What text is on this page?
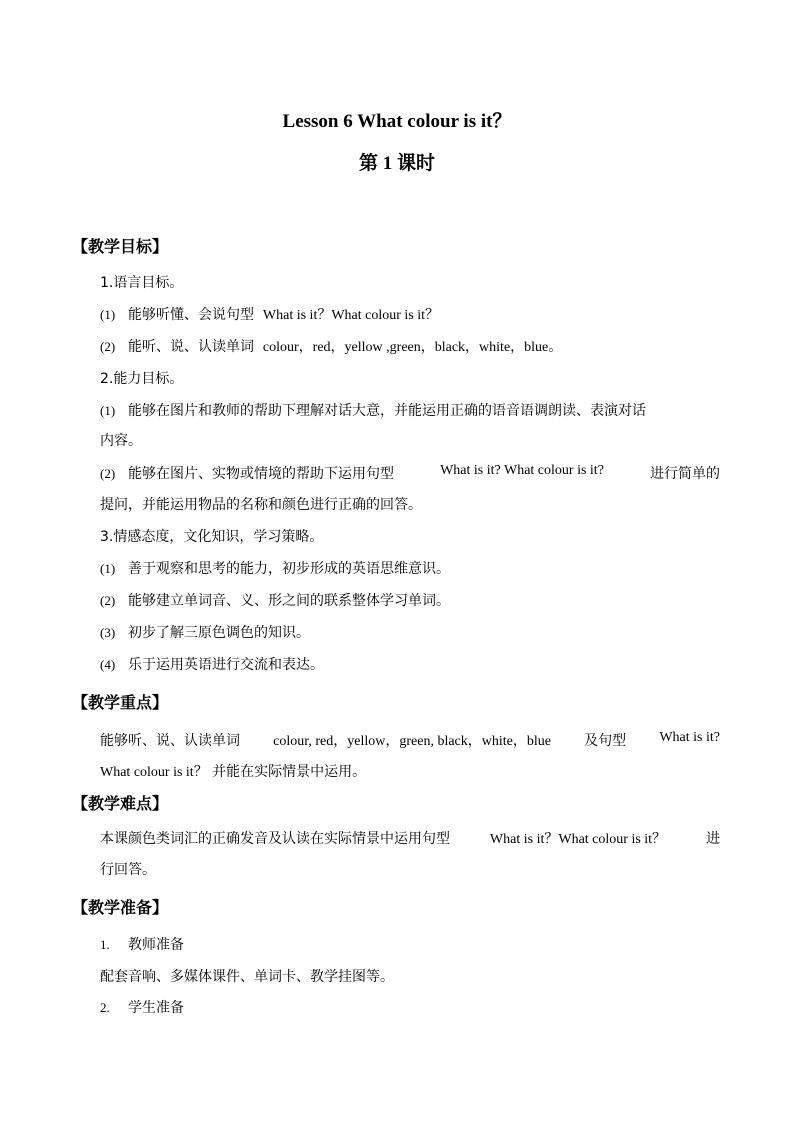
Lesson 6 What colour is it？
第 1 课时
【教学目标】
1.语言目标。
(1) 能够听懂、会说句型 What is it？What colour is it？
(2) 能听、说、认读单词 colour，red，yellow ,green，black，white，blue。
2.能力目标。
(1) 能够在图片和教师的帮助下理解对话大意，并能运用正确的语音语调朗读、表演对话
内容。
(2) 能够在图片、实物或情境的帮助下运用句型	What is it? What colour is it?	进行简单的
提问，并能运用物品的名称和颜色进行正确的回答。
3.情感态度，文化知识，学习策略。
(1) 善于观察和思考的能力，初步形成的英语思维意识。
(2) 能够建立单词音、义、形之间的联系整体学习单词。
(3) 初步了解三原色调色的知识。
(4) 乐于运用英语进行交流和表达。
【教学重点】
能够听、说、认读单词 colour, red，yellow，green, black，white，blue 及句型 What is it?
What colour is it？ 并能在实际情景中运用。
【教学难点】
本课颜色类词汇的正确发音及认读在实际情景中运用句型	What is it？What colour is it？	进
行回答。
【教学准备】
1. 教师准备
配套音响、多媒体课件、单词卡、教学挂图等。
2. 学生准备
